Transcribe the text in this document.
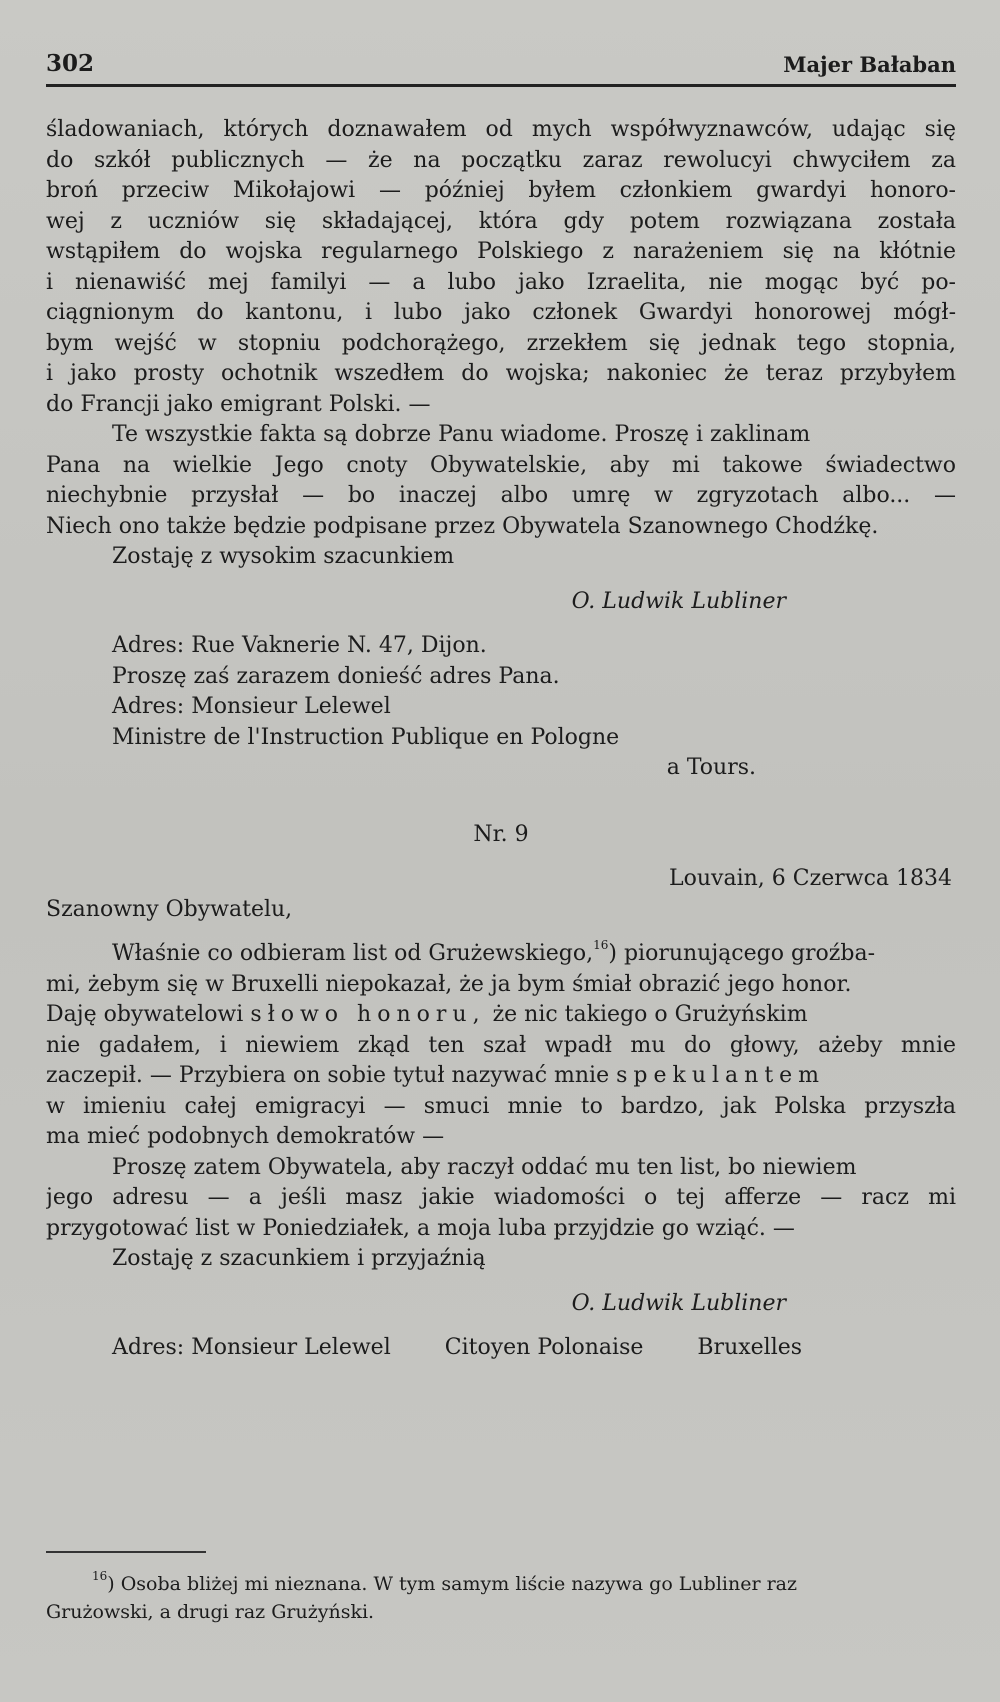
302	Majer Bałaban
śladowaniach, których doznawałem od mych współwyznawców, udając się
do szkół publicznych — że na początku zaraz rewolucyi chwyciłem za
broń przeciw Mikołajowi — później byłem członkiem gwardyi honoro-
wej z uczniów się składającej, która gdy potem rozwiązana została
wstąpiłem do wojska regularnego Polskiego z narażeniem się na kłótnie
i nienawiść mej familyi — a lubo jako Izraelita, nie mogąc być po-
ciągnionym do kantonu, i lubo jako członek Gwardyi honorowej mógł-
bym wejść w stopniu podchorążego, zrzekłem się jednak tego stopnia,
i jako prosty ochotnik wszedłem do wojska; nakoniec że teraz przybyłem
do Francji jako emigrant Polski. —
Te wszystkie fakta są dobrze Panu wiadome. Proszę i zaklinam
Pana na wielkie Jego cnoty Obywatelskie, aby mi takowe świadectwo
niechybnie przysłał — bo inaczej albo umrę w zgryzotach albo... —
Niech ono także będzie podpisane przez Obywatela Szanownego Chodźkę.
Zostaję z wysokim szacunkiem
O. Ludwik Lubliner
Adres: Rue Vaknerie N. 47, Dijon.
Proszę zaś zarazem donieść adres Pana.
Adres: Monsieur Lelewel
Ministre de l'Instruction Publique en Pologne
a Tours.
Nr. 9
Louvain, 6 Czerwca 1834
Szanowny Obywatelu,
Właśnie co odbieram list od Grużewskiego,$^{16}$) piorunującego groźba-
mi, żebym się w Bruxelli niepokazał, że ja bym śmiał obrazić jego honor.
Daję obywatelowi słowo honoru, że nic takiego o Grużyńskim
nie gadałem, i niewiem zkąd ten szał wpadł mu do głowy, ażeby mnie
zaczepił. — Przybiera on sobie tytuł nazywać mnie spekulantem
w imieniu całej emigracyi — smuci mnie to bardzo, jak Polska przyszła
ma mieć podobnych demokratów —
Proszę zatem Obywatela, aby raczył oddać mu ten list, bo niewiem
jego adresu — a jeśli masz jakie wiadomości o tej afferze — racz mi
przygotować list w Poniedziałek, a moja luba przyjdzie go wziąć. —
Zostaję z szacunkiem i przyjaźnią
O. Ludwik Lubliner
Adres: Monsieur Lelewel Citoyen Polonaise Bruxelles
$^{16}$) Osoba bliżej mi nieznana. W tym samym liście nazywa go Lubliner raz
Grużowski, a drugi raz Grużyński.
